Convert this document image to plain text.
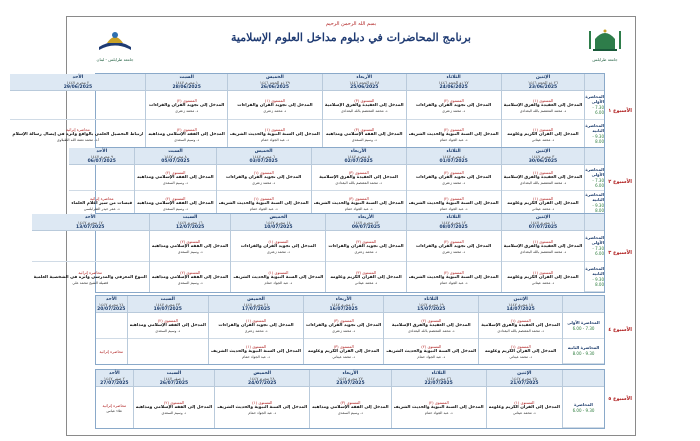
بسم الله الرحمن الرحيم
برنامج المحاضرات في دبلوم مداخل العلوم الإسلامية
جامعة طرابلس
جامعة طرابلس - لبنان
الأسبوع ١
المحاضرة الأولى
7.30 - 6.00
المحاضرة الثانية
9.30 - 8.00
الإثنين
٢٦ ذو الحجة ١٤٤٦
23/06/2025
المستوى (١)
المدخل إلى العقيدة والفرق الإسلامية
د. محمد المعتصم بالله البغدادي
المستوى (١)
المدخل إلى القرآن الكريم وعلومه
د. محمد عيتاني
الثلاثاء
٢٧ ذو الحجة ١٤٤٦
24/06/2025
المستوى (٢)
المدخل إلى تجويد القرآن والقراءات
د. محمد زعتري
المستوى (٢)
المدخل إلى السنة النبوية والحديث الشريف
د. عبد الجواد حمام
الأربعاء
٢٨ ذو الحجة ١٤٤٦
25/06/2025
المستوى (٣)
المدخل إلى العقيدة والفرق الإسلامية
د. محمد المعتصم بالله البغدادي
المستوى (٣)
المدخل إلى الفقه الإسلامي ومذاهبه
د. وسيم السعدي
الخميس
٢٩ ذو الحجة ١٤٤٦
26/06/2025
المستوى (١)
المدخل إلى تجويد القرآن والقراءات
د. محمد زعتري
المستوى (١)
المدخل إلى السنة النبوية والحديث الشريف
د. عبد الجواد حمام
السبت
١ محرم ١٤٤٧
28/06/2025
المستوى (٢)
المدخل إلى تجويد القرآن والقراءات
د. محمد زعتري
المستوى (٢)
المدخل إلى الفقه الإسلامي ومذاهبه
د. وسيم السعدي
الأحد
٢ محرم ١٤٤٧
29/06/2025
محاضرة إثرائية
ارتباط التحصيل العلمي بالواقع وأثره في إيصال رسالة الإسلام
أ.د. محمد نعمة الله الطبلاوي
الأسبوع ٢
المحاضرة الأولى
7.30 - 6.00
المحاضرة الثانية
9.30 - 8.00
الإثنين
٣ محرم ١٤٤٧
30/06/2025
المستوى (١)
المدخل إلى العقيدة والفرق الإسلامية
د. محمد المعتصم بالله البغدادي
المستوى (١)
المدخل إلى القرآن الكريم وعلومه
د. محمد عيتاني
الثلاثاء
٤ محرم ١٤٤٧
01/07/2025
المستوى (٢)
المدخل إلى تجويد القرآن والقراءات
د. محمد زعتري
المستوى (٢)
المدخل إلى السنة النبوية والحديث الشريف
د. عبد الجواد حمام
الأربعاء
٥ محرم ١٤٤٧
02/07/2025
المستوى (٣)
المدخل إلى العقيدة والفرق الإسلامية
د. محمد المعتصم بالله البغدادي
المستوى (٣)
المدخل إلى السنة النبوية والحديث الشريف
د. عبد الجواد حمام
الخميس
٦ محرم ١٤٤٧
03/07/2025
المستوى (١)
المدخل إلى تجويد القرآن والقراءات
د. محمد زعتري
المستوى (١)
المدخل إلى السنة النبوية والحديث الشريف
د. عبد الجواد حمام
السبت
٨ محرم ١٤٤٧
05/07/2025
المستوى (٢)
المدخل إلى الفقه الإسلامي ومذاهبه
د. وسيم السعدي
المستوى (٢)
المدخل إلى الفقه الإسلامي ومذاهبه
د. وسيم السعدي
الأحد
٩ محرم ١٤٤٧
06/07/2025
محاضرة إثرائية
قبسات من سير أعلام العلماء
د. عمر حيدر الطرابلسي
الأسبوع ٣
المحاضرة الأولى
7.30 - 6.00
المحاضرة الثانية
9.30 - 8.00
الإثنين
١١ محرم ١٤٤٧
07/07/2025
المستوى (١)
المدخل إلى العقيدة والفرق الإسلامية
د. محمد المعتصم بالله البغدادي
المستوى (١)
المدخل إلى القرآن الكريم وعلومه
د. محمد عيتاني
الثلاثاء
١٢ محرم ١٤٤٧
08/07/2025
المستوى (٢)
المدخل إلى تجويد القرآن والقراءات
د. محمد زعتري
المستوى (٢)
المدخل إلى السنة النبوية والحديث الشريف
د. عبد الجواد حمام
الأربعاء
١٣ محرم ١٤٤٧
09/07/2025
المستوى (٣)
المدخل إلى تجويد القرآن والقراءات
د. محمد زعتري
المستوى (٣)
المدخل إلى القرآن الكريم وعلومه
د. محمد عيتاني
الخميس
١٤ محرم ١٤٤٧
10/07/2025
المستوى (١)
المدخل إلى تجويد القرآن والقراءات
د. محمد زعتري
المستوى (١)
المدخل إلى السنة النبوية والحديث الشريف
د. عبد الجواد حمام
السبت
١٦ محرم ١٤٤٧
12/07/2025
المستوى (٢)
المدخل إلى الفقه الإسلامي ومذاهبه
د. وسيم السعدي
المستوى (٢)
المدخل إلى الفقه الإسلامي ومذاهبه
د. وسيم السعدي
الأحد
١٧ محرم ١٤٤٧
13/07/2025
محاضرة إثرائية
التنوع المعرفي والمدرسي وأثره في الشخصية العلمية
فضيلة الشيخ محمد علي
الأسبوع ٤
المحاضرة الأولى
7.30 - 6.00
المحاضرة الثانية
9.30 - 8.00
الإثنين
١٨ محرم ١٤٤٧
14/07/2025
المستوى (١)
المدخل إلى العقيدة والفرق الإسلامية
د. محمد المعتصم بالله البغدادي
المستوى (١)
المدخل إلى القرآن الكريم وعلومه
د. محمد عيتاني
الثلاثاء
١٩ محرم ١٤٤٧
15/07/2025
المستوى (٢)
المدخل إلى العقيدة والفرق الإسلامية
د. محمد المعتصم بالله البغدادي
المستوى (٢)
المدخل إلى السنة النبوية والحديث الشريف
د. عبد الجواد حمام
الأربعاء
٢٠ محرم ١٤٤٧
16/07/2025
المستوى (٣)
المدخل إلى تجويد القرآن والقراءات
د. محمد زعتري
المستوى (٣)
المدخل إلى القرآن الكريم وعلومه
د. محمد عيتاني
الخميس
٢١ محرم ١٤٤٧
17/07/2025
المستوى (١)
المدخل إلى تجويد القرآن والقراءات
د. محمد زعتري
المستوى (١)
المدخل إلى السنة النبوية والحديث الشريف
د. عبد الجواد حمام
السبت
٢٣ محرم ١٤٤٧
19/07/2025
المستوى (٢)
المدخل إلى الفقه الإسلامي ومذاهبه
د. وسيم السعدي
الأحد
٢٤ محرم ١٤٤٧
20/07/2025
محاضرة إثرائية
الأسبوع ٥
المحاضرة
9.30 - 6.00
الإثنين
٢٥ محرم ١٤٤٧
21/07/2025
المستوى (١)
المدخل إلى القرآن الكريم وعلومه
د. محمد عيتاني
الثلاثاء
٢٦ محرم ١٤٤٧
22/07/2025
المستوى (٢)
المدخل إلى السنة النبوية والحديث الشريف
د. عبد الجواد حمام
الأربعاء
٢٧ محرم ١٤٤٧
23/07/2025
المستوى (٣)
المدخل إلى الفقه الإسلامي ومذاهبه
د. وسيم السعدي
الخميس
٢٨ محرم ١٤٤٧
24/07/2025
المستوى (١)
المدخل إلى السنة النبوية والحديث الشريف
د. عبد الجواد حمام
السبت
١ صفر ١٤٤٧
26/07/2025
المستوى (٢)
المدخل إلى الفقه الإسلامي ومذاهبه
د. وسيم السعدي
الأحد
٢ صفر ١٤٤٧
27/07/2025
محاضرة إثرائية
علاء عباس
